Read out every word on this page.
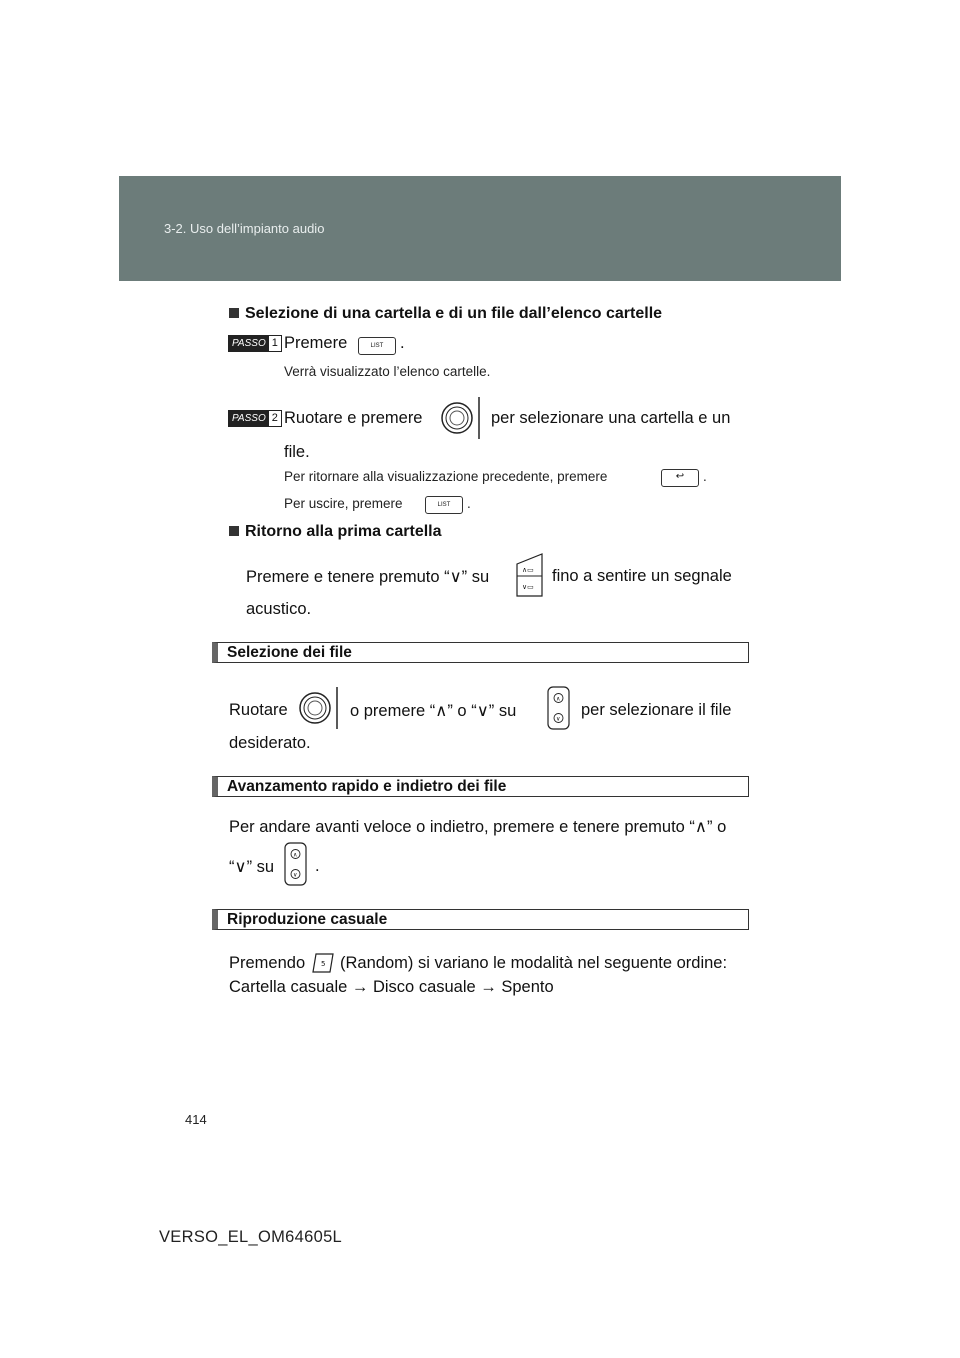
3-2. Uso dell’impianto audio
Selezione di una cartella e di un file dall’elenco cartelle
PASSO 1 Premere	LIST	.
Verrà visualizzato l’elenco cartelle.
PASSO 2 Ruotare e premere	per selezionare una cartella e un
file.
Per ritornare alla visualizzazione precedente, premere	↩	.
Per uscire, premere	LIST	.
Ritorno alla prima cartella
Premere e tenere premuto “∨” su	∧▭
∨▭
fino a sentire un segnale
acustico.
Selezione dei file
Ruotare	o premere “∧” o “∨” su
∧
∨ per selezionare il file
desiderato.
Avanzamento rapido e indietro dei file
Per andare avanti veloce o indietro, premere e tenere premuto “∧” o
∧
∨
“∨” su .
Riproduzione casuale
Premendo 5 (Random) si variano le modalità nel seguente ordine:
Cartella casuale → Disco casuale → Spento
414
VERSO_EL_OM64605L
